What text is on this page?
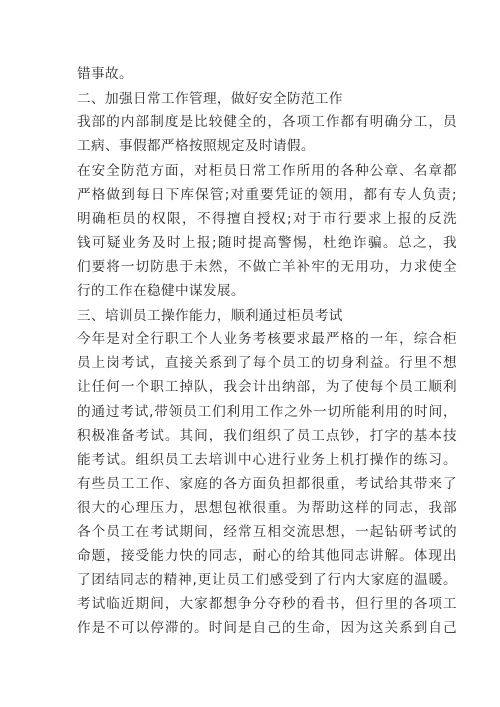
错事故。
二、加强日常工作管理，做好安全防范工作
我部的内部制度是比较健全的，各项工作都有明确分工，员
工病、事假都严格按照规定及时请假。
在安全防范方面，对柜员日常工作所用的各种公章、名章都
严格做到每日下库保管;对重要凭证的领用，都有专人负责;
明确柜员的权限，不得擅自授权;对于市行要求上报的反洗
钱可疑业务及时上报;随时提高警惕，杜绝诈骗。总之，我
们要将一切防患于未然，不做亡羊补牢的无用功，力求使全
行的工作在稳健中谋发展。
三、培训员工操作能力，顺利通过柜员考试
今年是对全行职工个人业务考核要求最严格的一年，综合柜
员上岗考试，直接关系到了每个员工的切身利益。行里不想
让任何一个职工掉队，我会计出纳部，为了使每个员工顺利
的通过考试,带领员工们利用工作之外一切所能利用的时间，
积极准备考试。其间，我们组织了员工点钞，打字的基本技
能考试。组织员工去培训中心进行业务上机打操作的练习。
有些员工工作、家庭的各方面负担都很重，考试给其带来了
很大的心理压力，思想包袱很重。为帮助这样的同志，我部
各个员工在考试期间，经常互相交流思想，一起钻研考试的
命题，接受能力快的同志，耐心的给其他同志讲解。体现出
了团结同志的精神,更让员工们感受到了行内大家庭的温暖。
考试临近期间，大家都想争分夺秒的看书，但行里的各项工
作是不可以停滞的。时间是自己的生命，因为这关系到自己
